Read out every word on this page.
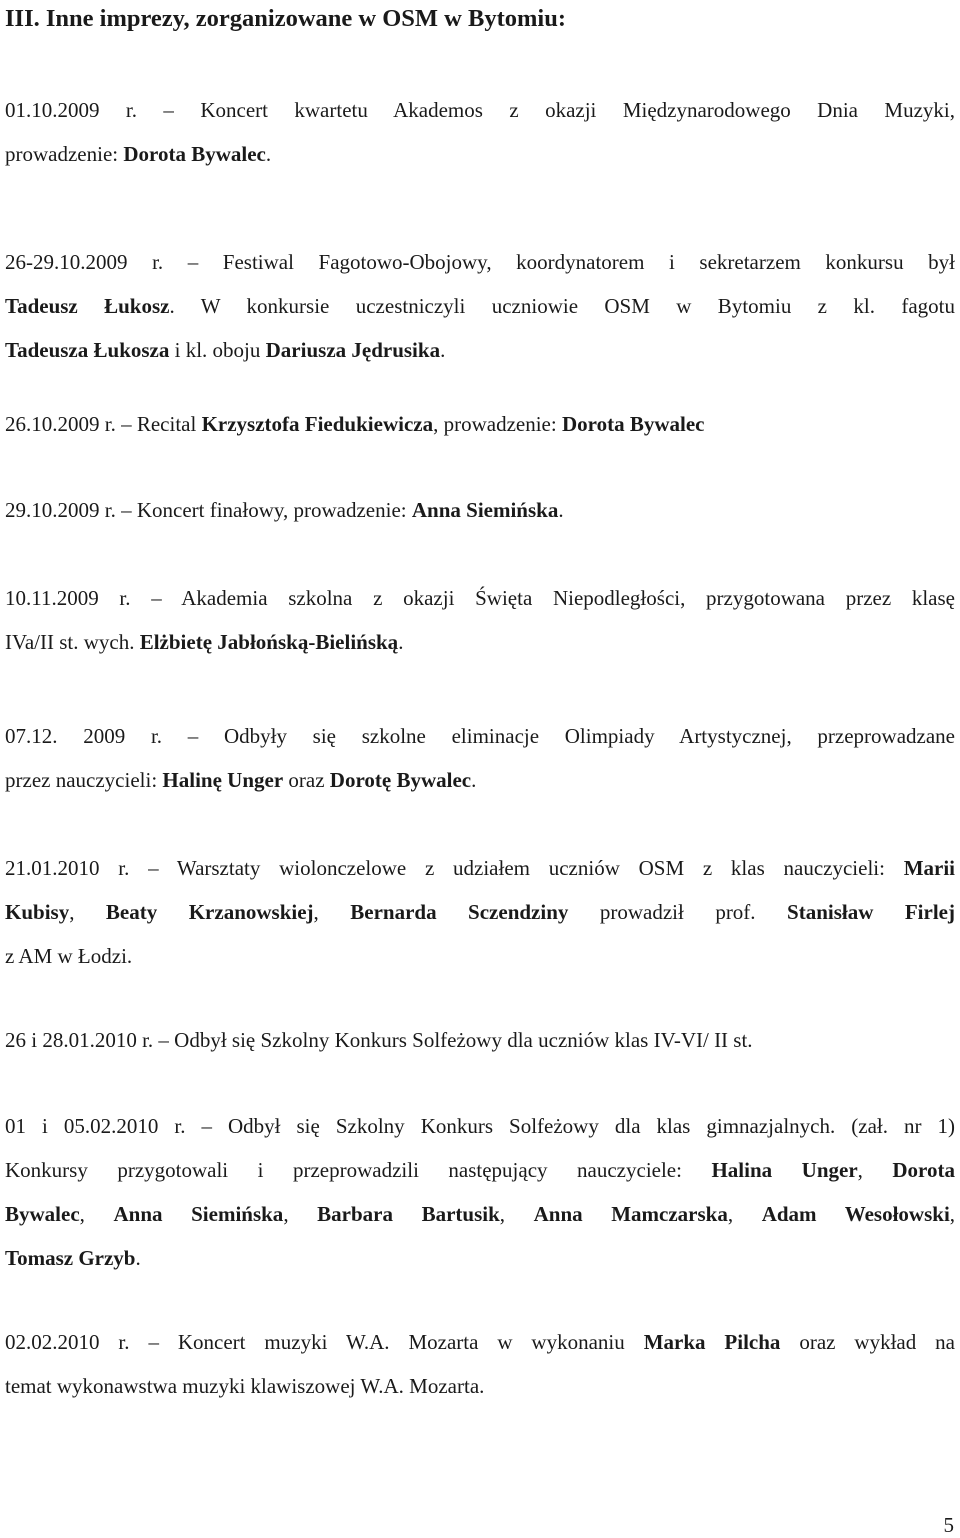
III. Inne imprezy, zorganizowane w OSM w Bytomiu:
01.10.2009 r. – Koncert kwartetu Akademos z okazji Międzynarodowego Dnia Muzyki,
prowadzenie: Dorota Bywalec.
26-29.10.2009 r. – Festiwal Fagotowo-Obojowy, koordynatorem i sekretarzem konkursu był
Tadeusz Łukosz. W konkursie uczestniczyli uczniowie OSM w Bytomiu z kl. fagotu
Tadeusza Łukosza i kl. oboju Dariusza Jędrusika.
26.10.2009 r. – Recital Krzysztofa Fiedukiewicza, prowadzenie: Dorota Bywalec
29.10.2009 r. – Koncert finałowy, prowadzenie: Anna Siemińska.
10.11.2009 r. – Akademia szkolna z okazji Święta Niepodległości, przygotowana przez klasę
IVa/II st. wych. Elżbietę Jabłońską-Bielińską.
07.12. 2009 r. – Odbyły się szkolne eliminacje Olimpiady Artystycznej, przeprowadzane
przez nauczycieli: Halinę Unger oraz Dorotę Bywalec.
21.01.2010 r. – Warsztaty wiolonczelowe z udziałem uczniów OSM z klas nauczycieli: Marii
Kubisy, Beaty Krzanowskiej, Bernarda Sczendziny prowadził prof. Stanisław Firlej
z AM w Łodzi.
26 i 28.01.2010 r. – Odbył się Szkolny Konkurs Solfeżowy dla uczniów klas IV-VI/ II st.
01 i 05.02.2010 r. – Odbył się Szkolny Konkurs Solfeżowy dla klas gimnazjalnych. (zał. nr 1)
Konkursy przygotowali i przeprowadzili następujący nauczyciele: Halina Unger, Dorota
Bywalec, Anna Siemińska, Barbara Bartusik, Anna Mamczarska, Adam Wesołowski,
Tomasz Grzyb.
02.02.2010 r. – Koncert muzyki W.A. Mozarta w wykonaniu Marka Pilcha oraz wykład na
temat wykonawstwa muzyki klawiszowej W.A. Mozarta.
5
